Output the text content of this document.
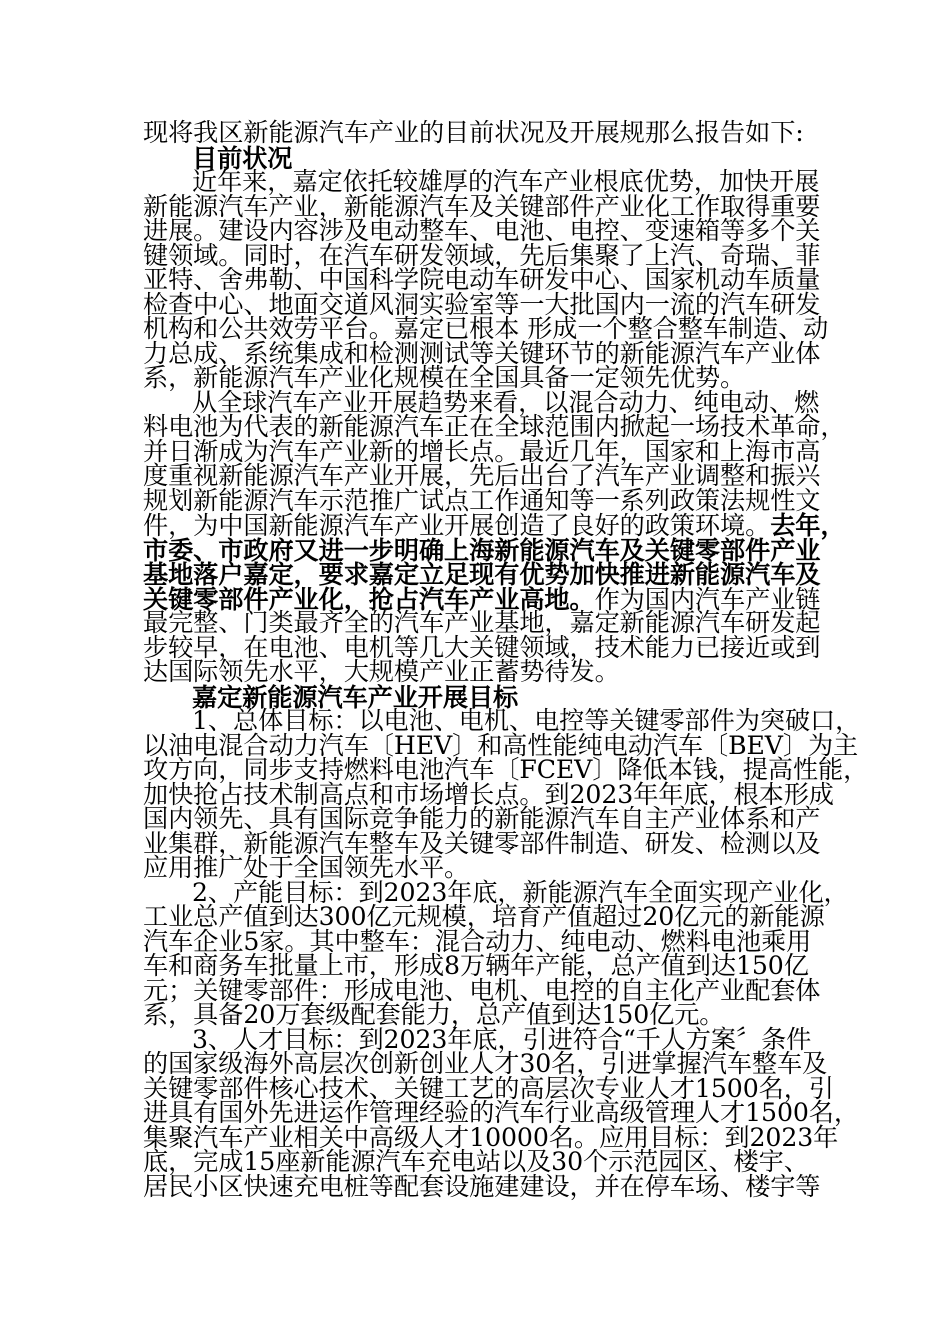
现将我区新能源汽车产业的目前状况及开展规那么报告如下:
目前状况
近年来，嘉定依托较雄厚的汽车产业根底优势，加快开展
新能源汽车产业，新能源汽车及关键部件产业化工作取得重要
进展。建设内容涉及电动整车、电池、电控、变速箱等多个关
键领域。同时，在汽车研发领域，先后集聚了上汽、奇瑞、菲
亚特、舍弗勒、中国科学院电动车研发中心、国家机动车质量
检查中心、地面交道风洞实验室等一大批国内一流的汽车研发
机构和公共效劳平台。嘉定已根本 形成一个整合整车制造、动
力总成、系统集成和检测测试等关键环节的新能源汽车产业体
系，新能源汽车产业化规模在全国具备一定领先优势。
从全球汽车产业开展趋势来看，以混合动力、纯电动、燃
料电池为代表的新能源汽车正在全球范围内掀起一场技术革命，
并日渐成为汽车产业新的增长点。最近几年，国家和上海市高
度重视新能源汽车产业开展，先后出台了汽车产业调整和振兴
规划新能源汽车示范推广试点工作通知等一系列政策法规性文
件，为中国新能源汽车产业开展创造了良好的政策环境。去年，
市委、市政府又进一步明确上海新能源汽车及关键零部件产业
基地落户嘉定，要求嘉定立足现有优势加快推进新能源汽车及
关键零部件产业化，抢占汽车产业高地。作为国内汽车产业链
最完整、门类最齐全的汽车产业基地，嘉定新能源汽车研发起
步较早，在电池、电机等几大关键领域，技术能力已接近或到
达国际领先水平，大规模产业正蓄势待发。
嘉定新能源汽车产业开展目标
1、总体目标：以电池、电机、电控等关键零部件为突破口，
以油电混合动力汽车〔HEV〕和高性能纯电动汽车〔BEV〕为主
攻方向，同步支持燃料电池汽车〔FCEV〕降低本钱，提高性能，
加快抢占技术制高点和市场增长点。到2023年年底，根本形成
国内领先、具有国际竞争能力的新能源汽车自主产业体系和产
业集群，新能源汽车整车及关键零部件制造、研发、检测以及
应用推广处于全国领先水平。
2、产能目标：到2023年底，新能源汽车全面实现产业化，
工业总产值到达300亿元规模，培育产值超过20亿元的新能源
汽车企业5家。其中整车：混合动力、纯电动、燃料电池乘用
车和商务车批量上市，形成8万辆年产能，总产值到达150亿
元；关键零部件：形成电池、电机、电控的自主化产业配套体
系，具备20万套级配套能力，总产值到达150亿元。
3、人才目标：到2023年底，引进符合“千人方案〞条件
的国家级海外高层次创新创业人才30名，引进掌握汽车整车及
关键零部件核心技术、关键工艺的高层次专业人才1500名，引
进具有国外先进运作管理经验的汽车行业高级管理人才1500名，
集聚汽车产业相关中高级人才10000名。应用目标：到2023年
底，完成15座新能源汽车充电站以及30个示范园区、楼宇、
居民小区快速充电桩等配套设施建建设，并在停车场、楼宇等
